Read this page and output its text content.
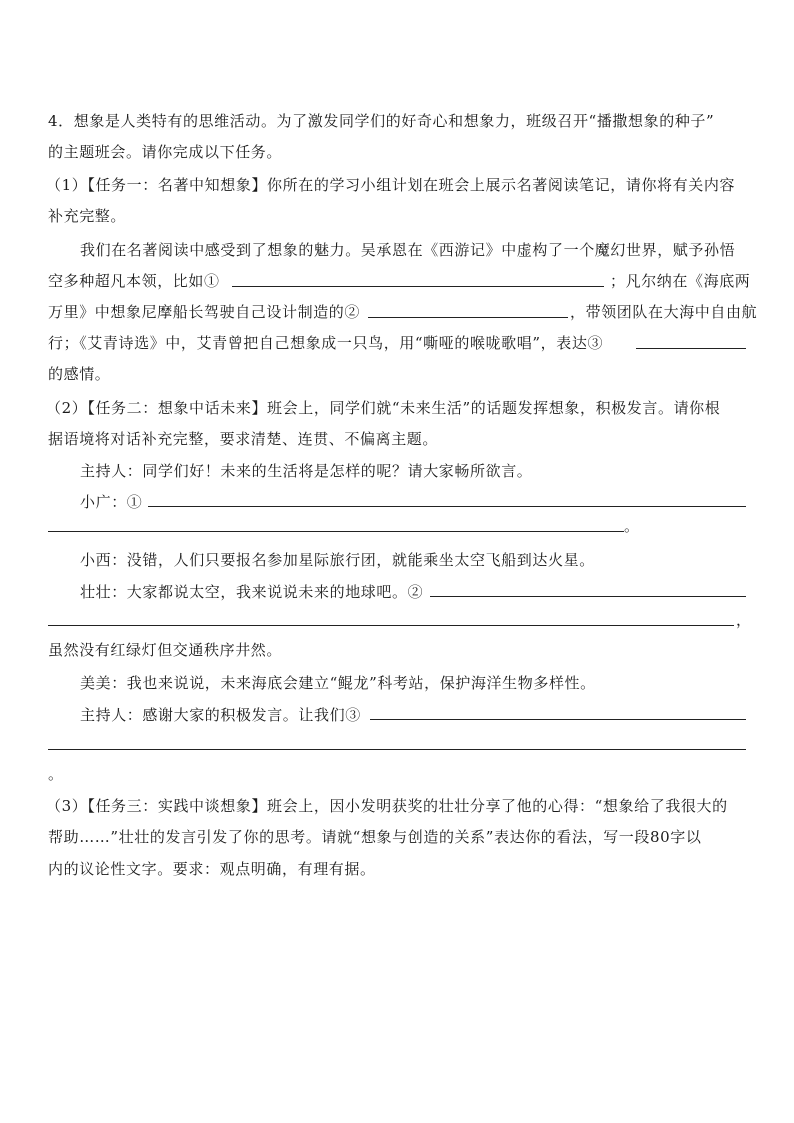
4．想象是人类特有的思维活动。为了激发同学们的好奇心和想象力，班级召开“播撒想象的种子”
的主题班会。请你完成以下任务。
（1）【任务一：名著中知想象】你所在的学习小组计划在班会上展示名著阅读笔记，请你将有关内容
补充完整。
我们在名著阅读中感受到了想象的魅力。吴承恩在《西游记》中虚构了一个魔幻世界，赋予孙悟
空多种超凡本领，比如①	；凡尔纳在《海底两
万里》中想象尼摩船长驾驶自己设计制造的②	，带领团队在大海中自由航
行；《艾青诗选》中，艾青曾把自己想象成一只鸟，用“嘶哑的喉咙歌唱”，表达③
的感情。
（2）【任务二：想象中话未来】班会上，同学们就“未来生活”的话题发挥想象，积极发言。请你根
据语境将对话补充完整，要求清楚、连贯、不偏离主题。
主持人：同学们好！未来的生活将是怎样的呢？请大家畅所欲言。
小广：①
。
小西：没错，人们只要报名参加星际旅行团，就能乘坐太空飞船到达火星。
壮壮：大家都说太空，我来说说未来的地球吧。②
，
虽然没有红绿灯但交通秩序井然。
美美：我也来说说，未来海底会建立“鲲龙”科考站，保护海洋生物多样性。
主持人：感谢大家的积极发言。让我们③
。
（3）【任务三：实践中谈想象】班会上，因小发明获奖的壮壮分享了他的心得：“想象给了我很大的
帮助……”壮壮的发言引发了你的思考。请就“想象与创造的关系”表达你的看法，写一段80字以
内的议论性文字。要求：观点明确，有理有据。
